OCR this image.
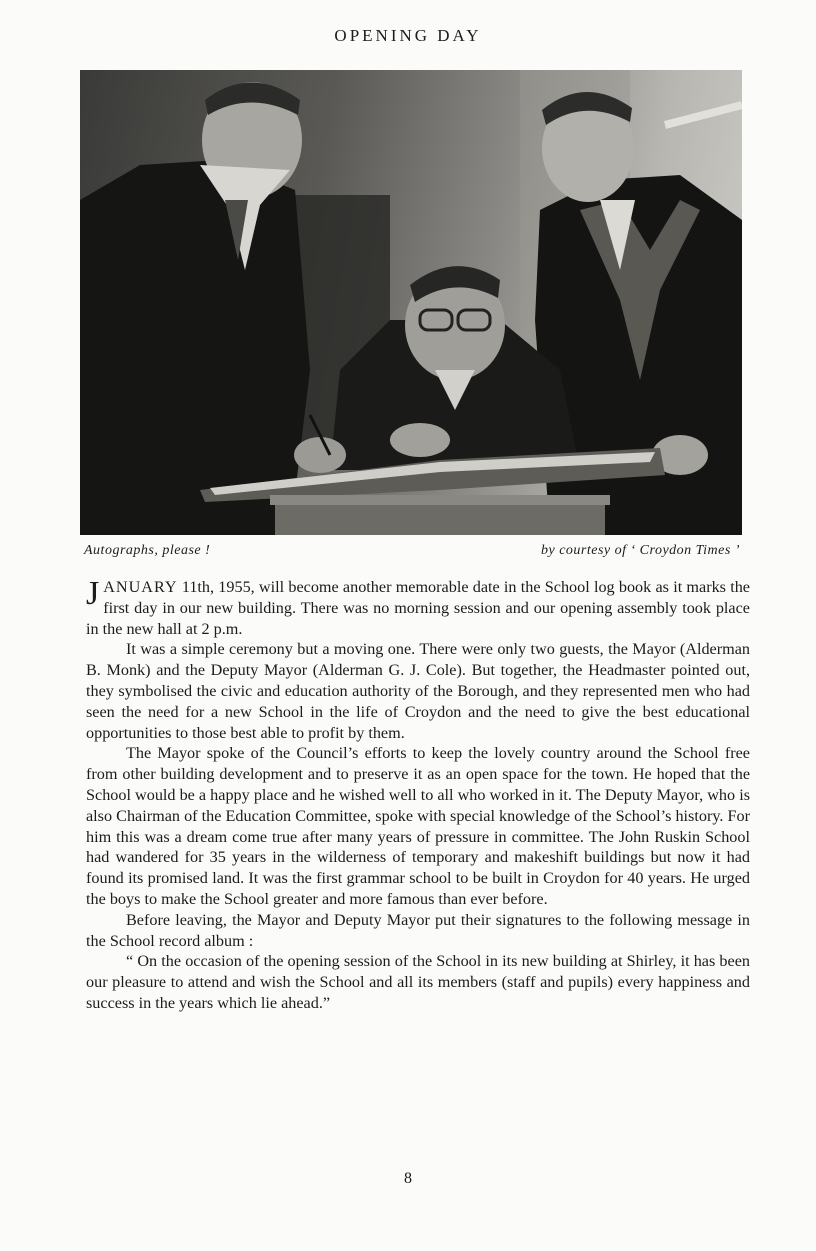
OPENING DAY
Autographs, please !	by courtesy of ‘ Croydon Times ’

JANUARY 11th, 1955, will become another memorable date in the School log book as it marks the first day in our new building. There was no morning session and our opening assembly took place in the new hall at 2 p.m.

It was a simple ceremony but a moving one. There were only two guests, the Mayor (Alderman B. Monk) and the Deputy Mayor (Alderman G. J. Cole). But together, the Headmaster pointed out, they symbolised the civic and education authority of the Borough, and they represented men who had seen the need for a new School in the life of Croydon and the need to give the best educational opportunities to those best able to profit by them.

The Mayor spoke of the Council’s efforts to keep the lovely country around the School free from other building development and to preserve it as an open space for the town. He hoped that the School would be a happy place and he wished well to all who worked in it. The Deputy Mayor, who is also Chairman of the Education Committee, spoke with special knowledge of the School’s history. For him this was a dream come true after many years of pressure in committee. The John Ruskin School had wandered for 35 years in the wilderness of temporary and makeshift buildings but now it had found its promised land. It was the first grammar school to be built in Croydon for 40 years. He urged the boys to make the School greater and more famous than ever before.

Before leaving, the Mayor and Deputy Mayor put their signatures to the following message in the School record album :

“ On the occasion of the opening session of the School in its new building at Shirley, it has been our pleasure to attend and wish the School and all its members (staff and pupils) every happiness and success in the years which lie ahead.”

8
